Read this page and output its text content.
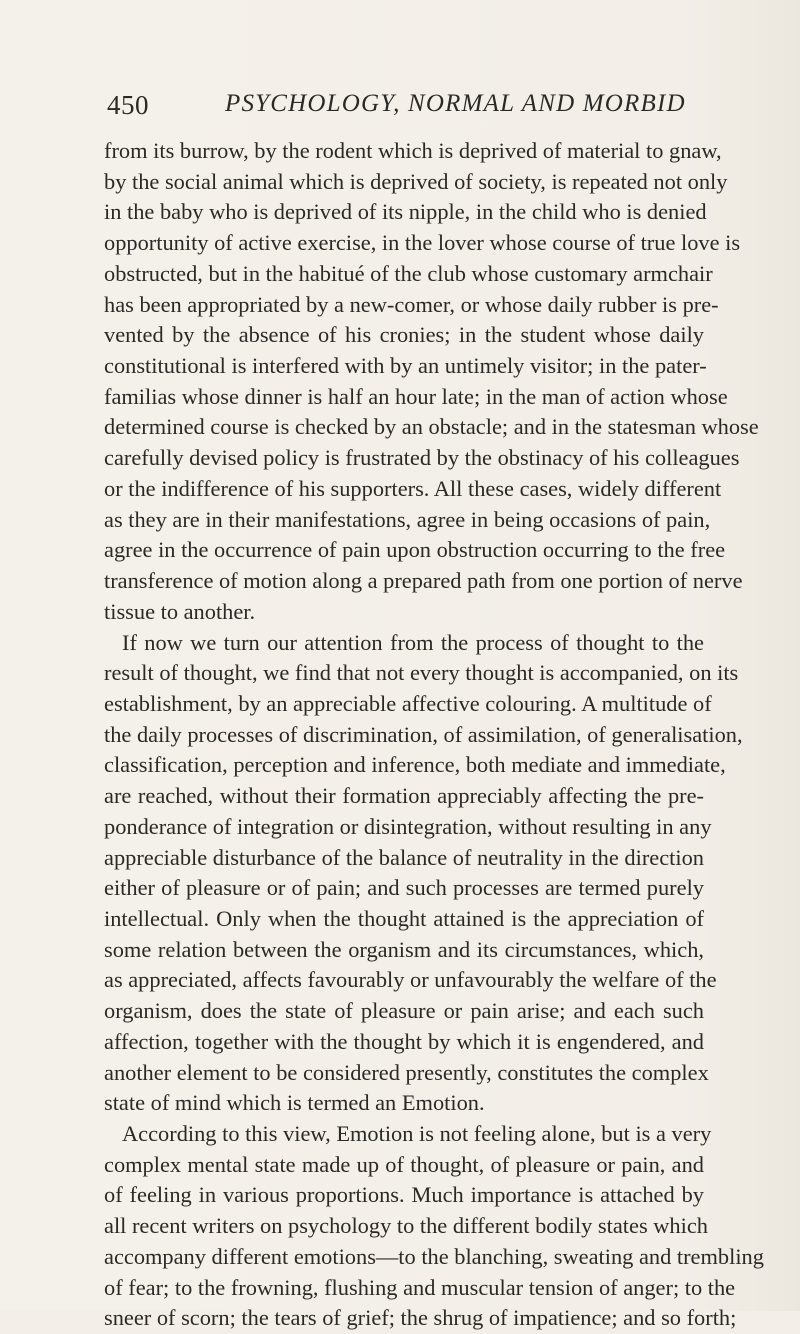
450	PSYCHOLOGY, NORMAL AND MORBID
from its burrow, by the rodent which is deprived of material to gnaw,
by the social animal which is deprived of society, is repeated not only
in the baby who is deprived of its nipple, in the child who is denied
opportunity of active exercise, in the lover whose course of true love is
obstructed, but in the habitué of the club whose customary armchair
has been appropriated by a new-comer, or whose daily rubber is pre-
vented by the absence of his cronies; in the student whose daily
constitutional is interfered with by an untimely visitor; in the pater-
familias whose dinner is half an hour late; in the man of action whose
determined course is checked by an obstacle; and in the statesman whose
carefully devised policy is frustrated by the obstinacy of his colleagues
or the indifference of his supporters. All these cases, widely different
as they are in their manifestations, agree in being occasions of pain,
agree in the occurrence of pain upon obstruction occurring to the free
transference of motion along a prepared path from one portion of nerve
tissue to another.
If now we turn our attention from the process of thought to the
result of thought, we find that not every thought is accompanied, on its
establishment, by an appreciable affective colouring. A multitude of
the daily processes of discrimination, of assimilation, of generalisation,
classification, perception and inference, both mediate and immediate,
are reached, without their formation appreciably affecting the pre-
ponderance of integration or disintegration, without resulting in any
appreciable disturbance of the balance of neutrality in the direction
either of pleasure or of pain; and such processes are termed purely
intellectual. Only when the thought attained is the appreciation of
some relation between the organism and its circumstances, which,
as appreciated, affects favourably or unfavourably the welfare of the
organism, does the state of pleasure or pain arise; and each such
affection, together with the thought by which it is engendered, and
another element to be considered presently, constitutes the complex
state of mind which is termed an Emotion.
According to this view, Emotion is not feeling alone, but is a very
complex mental state made up of thought, of pleasure or pain, and
of feeling in various proportions. Much importance is attached by
all recent writers on psychology to the different bodily states which
accompany different emotions—to the blanching, sweating and trembling
of fear; to the frowning, flushing and muscular tension of anger; to the
sneer of scorn; the tears of grief; the shrug of impatience; and so forth;
